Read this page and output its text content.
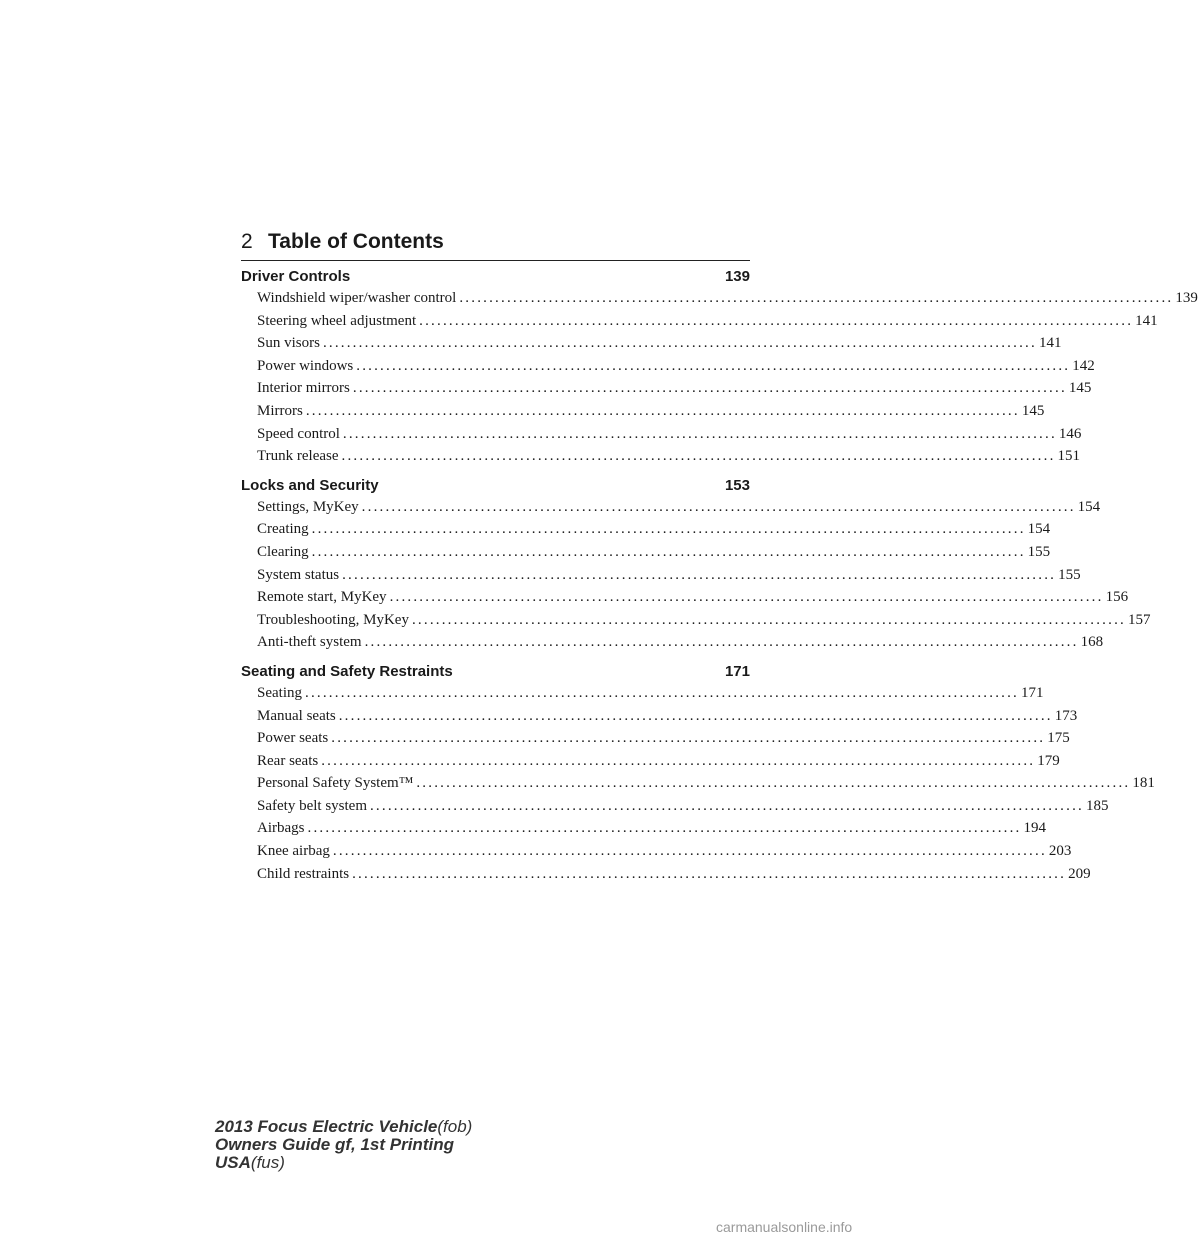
2 Table of Contents
Driver Controls	139
Windshield wiper/washer control ........................................................................................................................ 139
Steering wheel adjustment ........................................................................................................................ 141
Sun visors ........................................................................................................................ 141
Power windows ........................................................................................................................ 142
Interior mirrors ........................................................................................................................ 145
Mirrors ........................................................................................................................ 145
Speed control ........................................................................................................................ 146
Trunk release ........................................................................................................................ 151
Locks and Security	153
Settings, MyKey ........................................................................................................................ 154
Creating ........................................................................................................................ 154
Clearing ........................................................................................................................ 155
System status ........................................................................................................................ 155
Remote start, MyKey ........................................................................................................................ 156
Troubleshooting, MyKey ........................................................................................................................ 157
Anti-theft system ........................................................................................................................ 168
Seating and Safety Restraints	171
Seating ........................................................................................................................ 171
Manual seats ........................................................................................................................ 173
Power seats ........................................................................................................................ 175
Rear seats ........................................................................................................................ 179
Personal Safety System™ ........................................................................................................................ 181
Safety belt system ........................................................................................................................ 185
Airbags ........................................................................................................................ 194
Knee airbag ........................................................................................................................ 203
Child restraints ........................................................................................................................ 209
2013 Focus Electric Vehicle(fob)
Owners Guide gf, 1st Printing
USA(fus)
carmanualsonline.info
